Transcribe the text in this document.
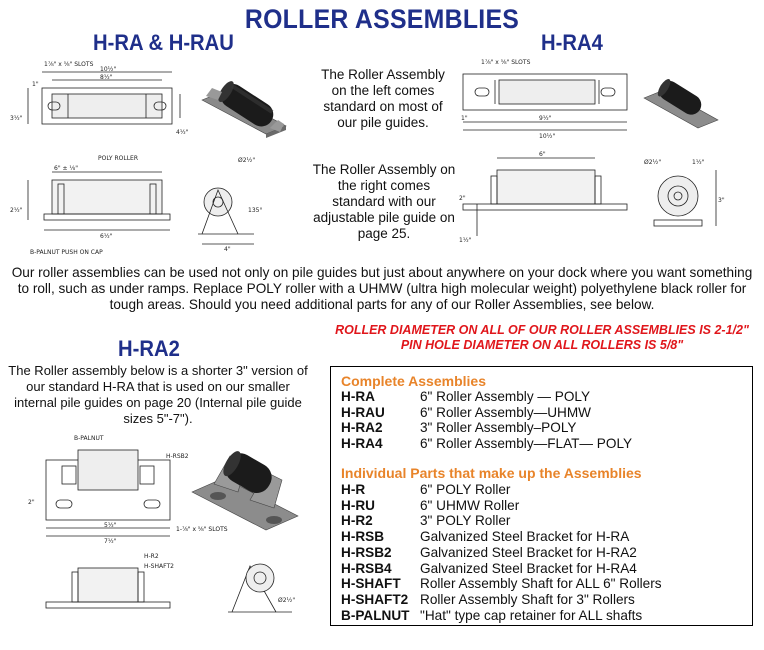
ROLLER ASSEMBLIES
H-RA & H-RAU	H-RA4
H-RA2
The Roller Assembly on the left comes standard on most of our pile guides.
The Roller Assembly on the right comes standard with our adjustable pile guide on page 25.
The Roller assembly below is a shorter 3" version of our standard H-RA that is used on our smaller internal pile guides on page 20 (Internal pile guide sizes 5"-7").
Our roller assemblies can be used not only on pile guides but just about anywhere on your dock where you want something to roll, such as under ramps. Replace POLY roller with a UHMW (ultra high molecular weight) polyethylene black roller for tough areas. Should you need additional parts for any of our Roller Assemblies, see below.
ROLLER DIAMETER ON ALL OF OUR ROLLER ASSEMBLIES IS 2-1/2"
PIN HOLE DIAMETER ON ALL ROLLERS IS 5/8"
Complete Assemblies
H-RA	6" Roller Assembly — POLY
H-RAU	6" Roller Assembly—UHMW
H-RA2	3" Roller Assembly–POLY
H-RA4	6" Roller Assembly—FLAT— POLY
Individual Parts that make up the Assemblies
H-R	6" POLY Roller
H-RU	6" UHMW Roller
H-R2	3" POLY Roller
H-RSB	Galvanized Steel Bracket for H-RA
H-RSB2 Galvanized Steel Bracket for H-RA2
H-RSB4 Galvanized Steel Bracket for H-RA4
H-SHAFT Roller Assembly Shaft for ALL 6" Rollers
H-SHAFT2 Roller Assembly Shaft for 3" Rollers
B-PALNUT "Hat" type cap retainer for ALL shafts
1⅞" x ⅝" SLOTS
10½"
8½"
1"
3½"
4½"
POLY ROLLER
6" ± ⅛"
2½"
6½"
B-PALNUT PUSH ON CAP
Ø2½"
135°
4"
1⅞" x ⅝" SLOTS
1"	9½"
10½"
6"
2"
1½"
Ø2½"	1½"
3"
B-PALNUT
H-RSB2
5½"
7½"
2"
1-⅞" x ⅝" SLOTS
H-R2
H-SHAFT2
Ø2½"
